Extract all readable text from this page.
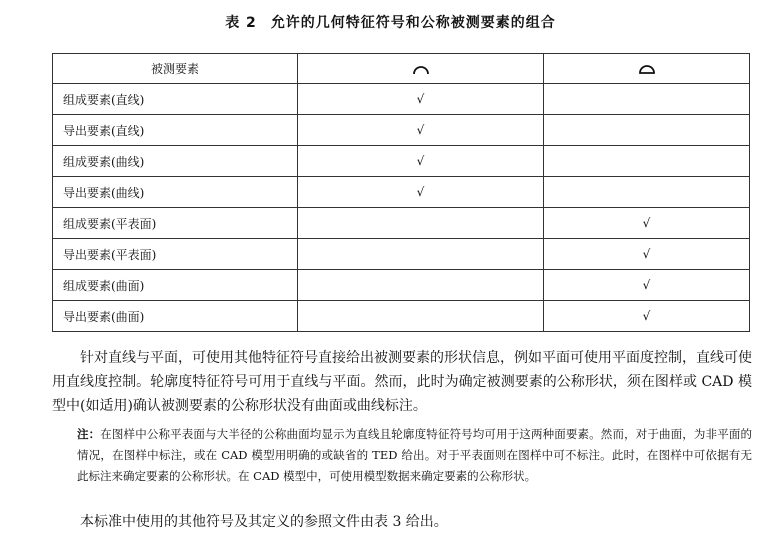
表 2 允许的几何特征符号和公称被测要素的组合
被测要素		
组成要素(直线)	√	
导出要素(直线)	√	
组成要素(曲线)	√	
导出要素(曲线)	√	
组成要素(平表面)		√
导出要素(平表面)		√
组成要素(曲面)		√
导出要素(曲面)		√

针对直线与平面，可使用其他特征符号直接给出被测要素的形状信息，例如平面可使用平面度控制，直线可使用直线度控制。轮廓度特征符号可用于直线与平面。然而，此时为确定被测要素的公称形状，须在图样或 CAD 模型中(如适用)确认被测要素的公称形状没有曲面或曲线标注。

注：在图样中公称平表面与大半径的公称曲面均显示为直线且轮廓度特征符号均可用于这两种面要素。然而，对于曲面，为非平面的情况，在图样中标注，或在 CAD 模型用明确的或缺省的 TED 给出。对于平表面则在图样中可不标注。此时，在图样中可依据有无此标注来确定要素的公称形状。在 CAD 模型中，可使用模型数据来确定要素的公称形状。

本标准中使用的其他符号及其定义的参照文件由表 3 给出。
